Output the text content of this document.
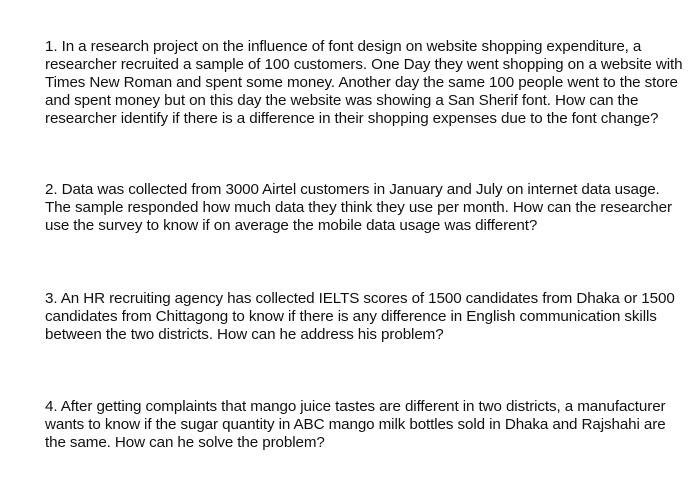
1. In a research project on the influence of font design on website shopping expenditure, a researcher recruited a sample of 100 customers. One Day they went shopping on a website with Times New Roman and spent some money. Another day the same 100 people went to the store and spent money but on this day the website was showing a San Sherif font. How can the researcher identify if there is a difference in their shopping expenses due to the font change?

2. Data was collected from 3000 Airtel customers in January and July on internet data usage. The sample responded how much data they think they use per month. How can the researcher use the survey to know if on average the mobile data usage was different?

3. An HR recruiting agency has collected IELTS scores of 1500 candidates from Dhaka or 1500 candidates from Chittagong to know if there is any difference in English communication skills between the two districts. How can he address his problem?

4. After getting complaints that mango juice tastes are different in two districts, a manufacturer wants to know if the sugar quantity in ABC mango milk bottles sold in Dhaka and Rajshahi are the same. How can he solve the problem?
